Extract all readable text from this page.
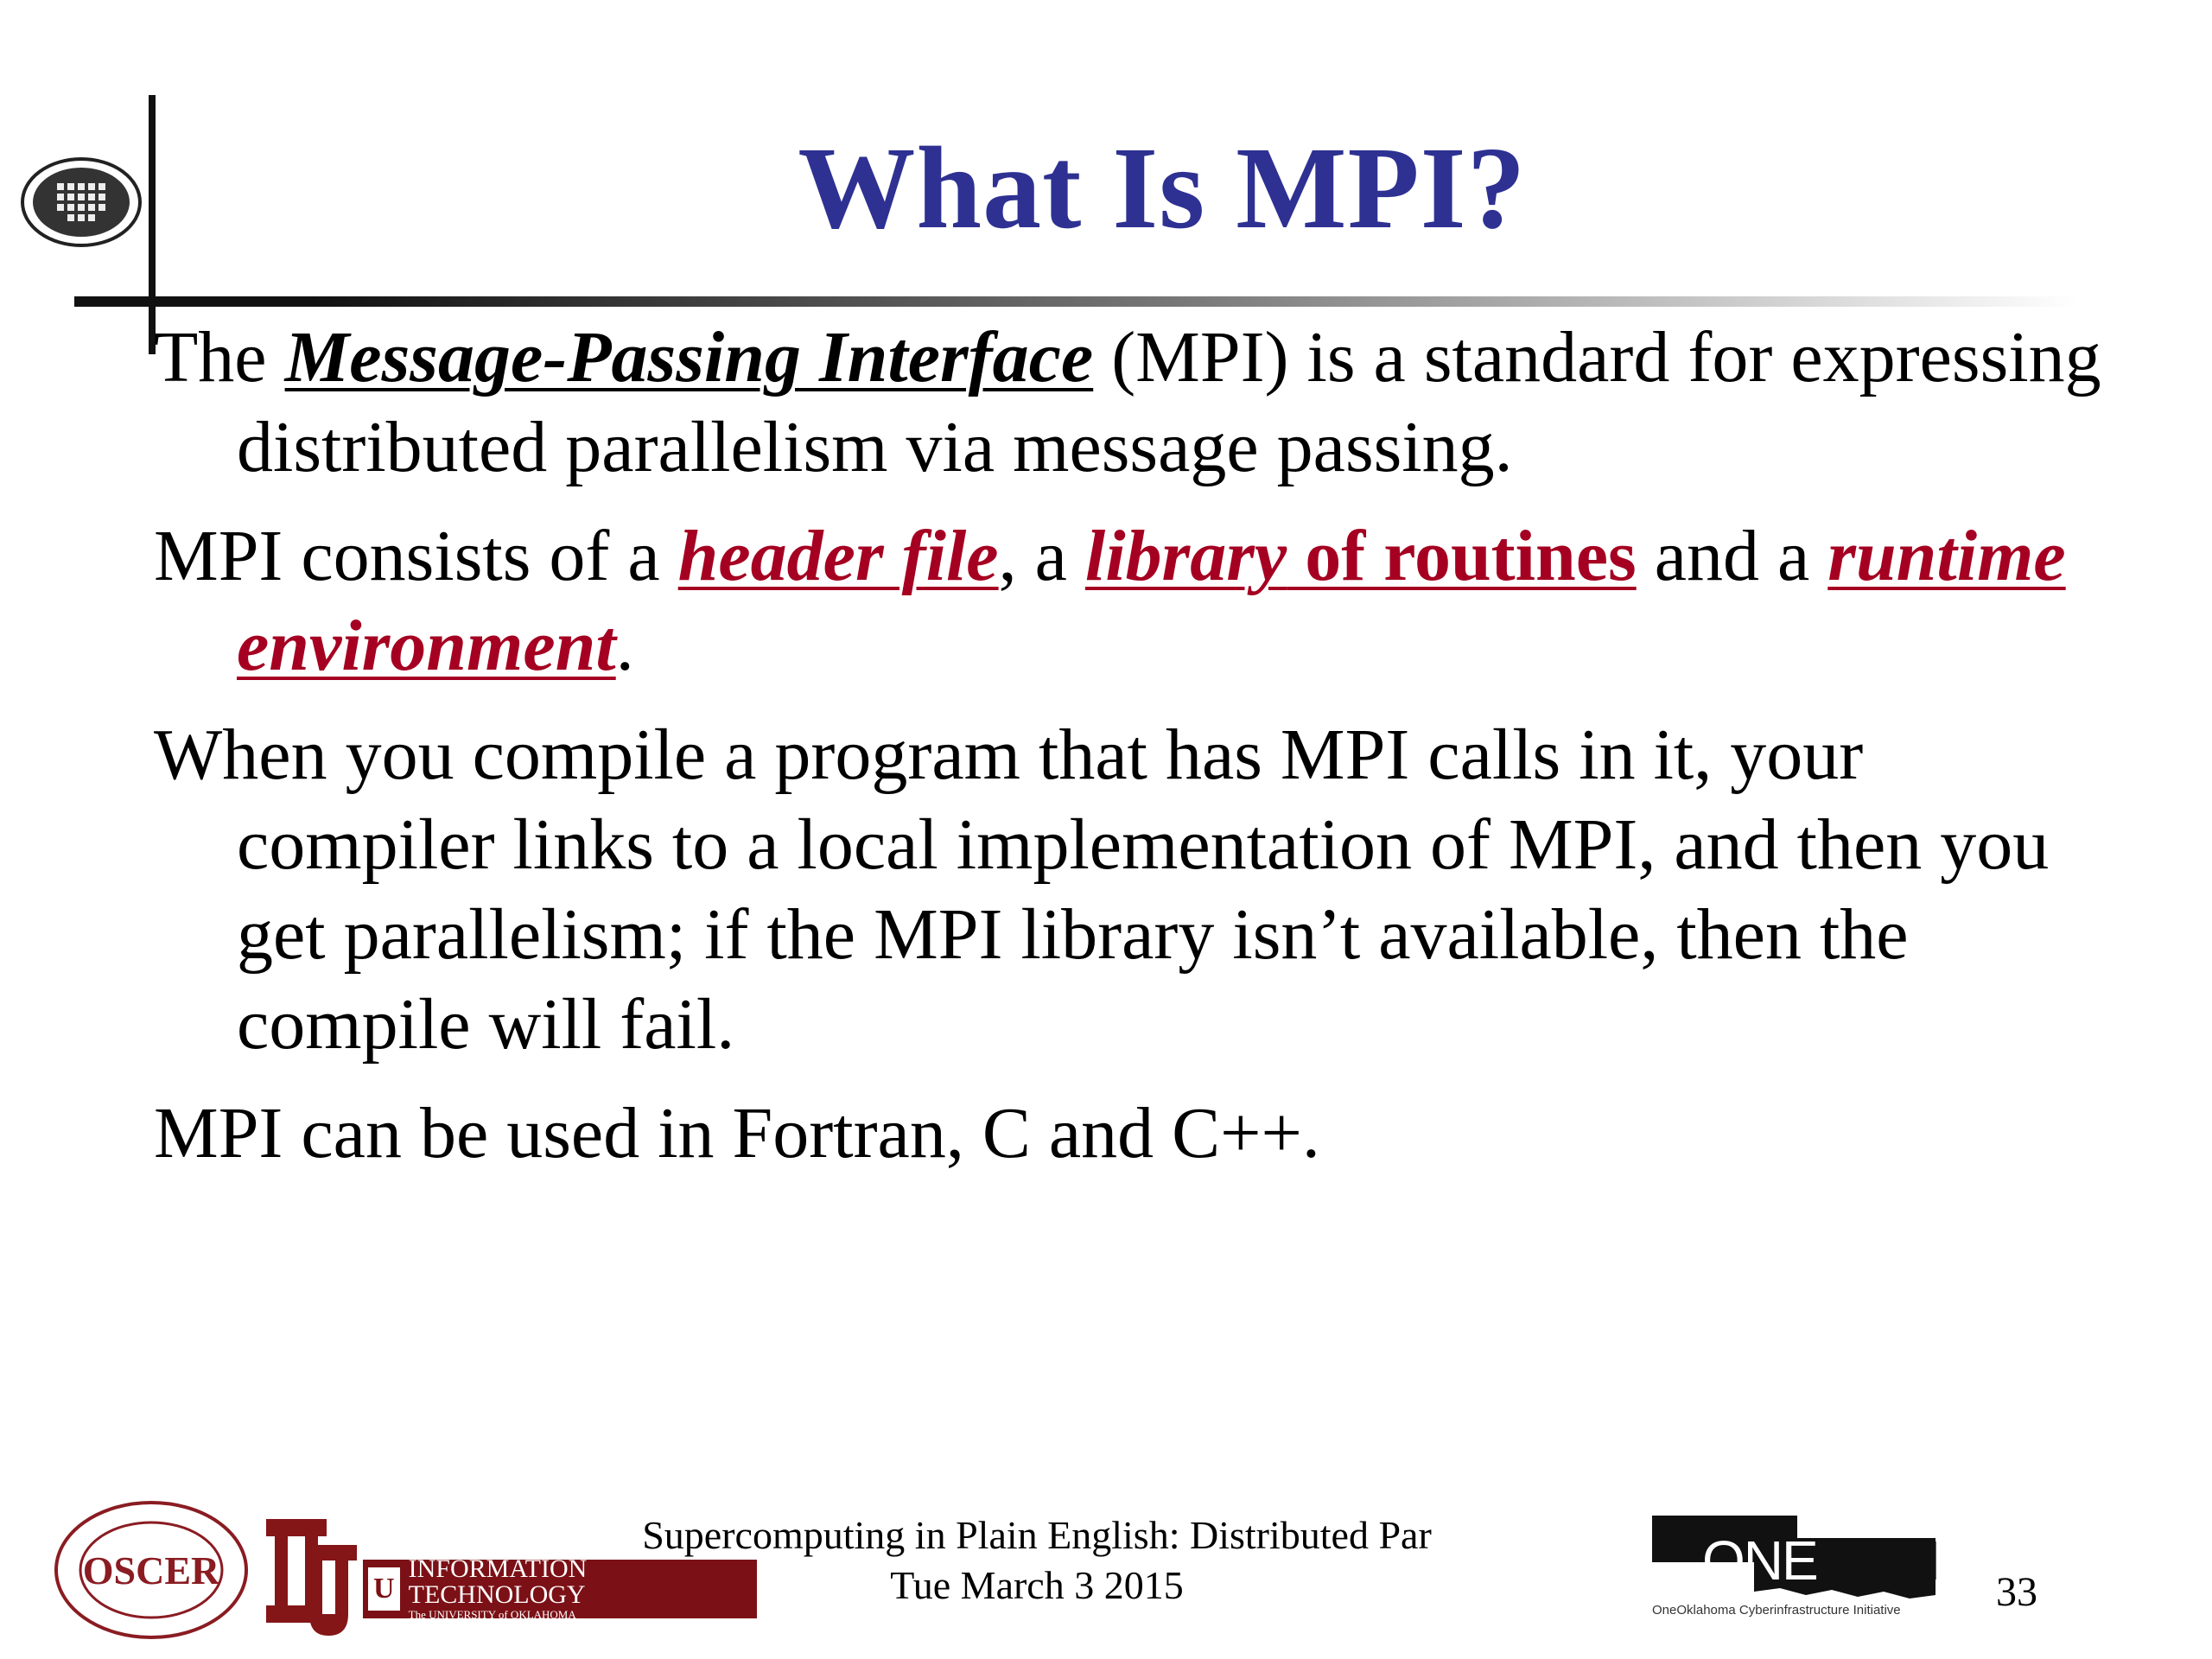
What Is MPI?

The Message-Passing Interface (MPI) is a standard for expressing distributed parallelism via message passing.

MPI consists of a header file, a library of routines and a runtime environment.

When you compile a program that has MPI calls in it, your compiler links to a local implementation of MPI, and then you get parallelism; if the MPI library isn’t available, then the compile will fail.

MPI can be used in Fortran, C and C++.

OSCER	U
INFORMATION TECHNOLOGY
The UNIVERSITY of OKLAHOMA
Supercomputing in Plain English: Distributed Par
Tue March 3 2015	ONE OCII
ONEOCII
OneOklahoma Cyberinfrastructure Initiative	33
